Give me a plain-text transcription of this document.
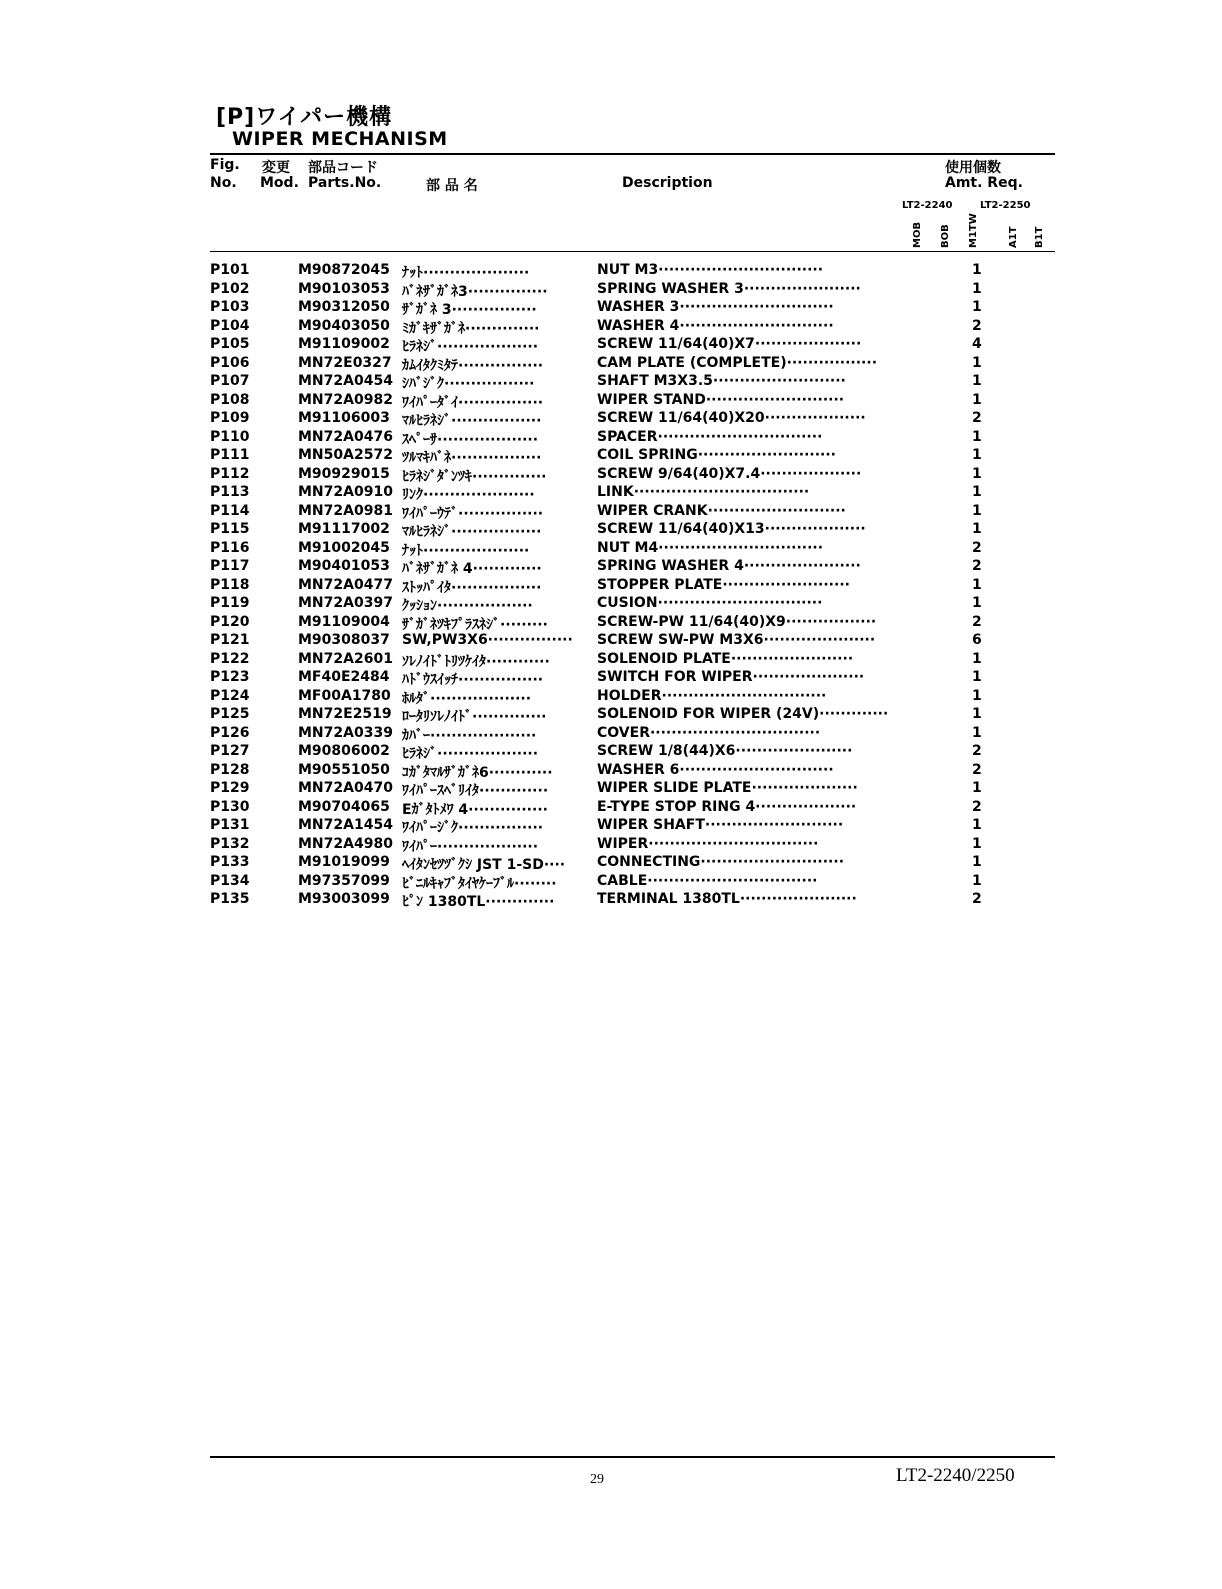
[P]ワイパー機構
WIPER MECHANISM
Fig.
No.
変更
Mod.
部品コード
Parts.No.	部 品 名	Description
使用個数
Amt. Req.
LT2-2240	LT2-2250
MOB BOB M1TW	A1T B1T
P101	M90872045 ﾅｯﾄ····················	NUT M3·······························	1
P102	M90103053 ﾊﾞﾈｻﾞｶﾞﾈ3···············	SPRING WASHER 3······················	1
P103	M90312050 ｻﾞｶﾞﾈ 3················	WASHER 3·····························	1
P104	M90403050 ﾐｶﾞｷｻﾞｶﾞﾈ··············	WASHER 4·····························	2
P105	M91109002 ﾋﾗﾈｼﾞ···················	SCREW 11/64(40)X7····················	4
P106	MN72E0327 ｶﾑｲﾀｸﾐﾀﾃ················	CAM PLATE (COMPLETE)·················	1
P107	MN72A0454 ｼﾊﾞｼﾞｸ·················	SHAFT M3X3.5·························	1
P108	MN72A0982 ﾜｲﾊﾟｰﾀﾞｲ················	WIPER STAND··························	1
P109	M91106003 ﾏﾙﾋﾗﾈｼﾞ·················	SCREW 11/64(40)X20···················	2
P110	MN72A0476 ｽﾍﾟｰｻ···················	SPACER·······························	1
P111	MN50A2572 ﾂﾙﾏｷﾊﾞﾈ·················	COIL SPRING··························	1
P112	M90929015 ﾋﾗﾈｼﾞﾀﾞﾝﾂｷ··············	SCREW 9/64(40)X7.4···················	1
P113	MN72A0910 ﾘﾝｸ·····················	LINK·································	1
P114	MN72A0981 ﾜｲﾊﾟｰｳﾃﾞ················	WIPER CRANK··························	1
P115	M91117002 ﾏﾙﾋﾗﾈｼﾞ·················	SCREW 11/64(40)X13···················	1
P116	M91002045 ﾅｯﾄ····················	NUT M4·······························	2
P117	M90401053 ﾊﾞﾈｻﾞｶﾞﾈ 4·············	SPRING WASHER 4······················	2
P118	MN72A0477 ｽﾄｯﾊﾟｲﾀ·················	STOPPER PLATE························	1
P119	MN72A0397 ｸｯｼｮﾝ··················	CUSION·······························	1
P120	M91109004 ｻﾞｶﾞﾈﾂｷﾌﾟﾗｽﾈｼﾞ·········	SCREW-PW 11/64(40)X9·················	2
P121	M90308037 SW,PW3X6················	SCREW SW-PW M3X6·····················	6
P122	MN72A2601 ｿﾚﾉｲﾄﾞﾄﾘﾂｹｲﾀ············	SOLENOID PLATE·······················	1
P123	MF40E2484 ﾊﾄﾞｳｽｲｯﾁ················	SWITCH FOR WIPER·····················	1
P124	MF00A1780 ﾎﾙﾀﾞ···················	HOLDER·······························	1
P125	MN72E2519 ﾛｰﾀﾘｿﾚﾉｲﾄﾞ··············	SOLENOID FOR WIPER (24V)·············	1
P126	MN72A0339 ｶﾊﾞｰ····················	COVER································	1
P127	M90806002 ﾋﾗﾈｼﾞ···················	SCREW 1/8(44)X6······················	2
P128	M90551050 ｺｶﾞﾀﾏﾙｻﾞｶﾞﾈ6············	WASHER 6·····························	2
P129	MN72A0470 ﾜｲﾊﾟｰｽﾍﾞﾘｲﾀ·············	WIPER SLIDE PLATE····················	1
P130	M90704065 Eｶﾞﾀﾄﾒﾜ 4···············	E-TYPE STOP RING 4···················	2
P131	MN72A1454 ﾜｲﾊﾟｰｼﾞｸ················	WIPER SHAFT··························	1
P132	MN72A4980 ﾜｲﾊﾟｰ···················	WIPER································	1
P133	M91019099 ﾍｲﾀﾝｾﾂﾂﾞｸｼ JST 1-SD····	CONNECTING···························	1
P134	M97357099 ﾋﾞﾆﾙｷｬﾌﾞﾀｲﾔｹｰﾌﾞﾙ········	CABLE································	1
P135	M93003099 ﾋﾟﾝ 1380TL·············	TERMINAL 1380TL······················	2
29	LT2-2240/2250
